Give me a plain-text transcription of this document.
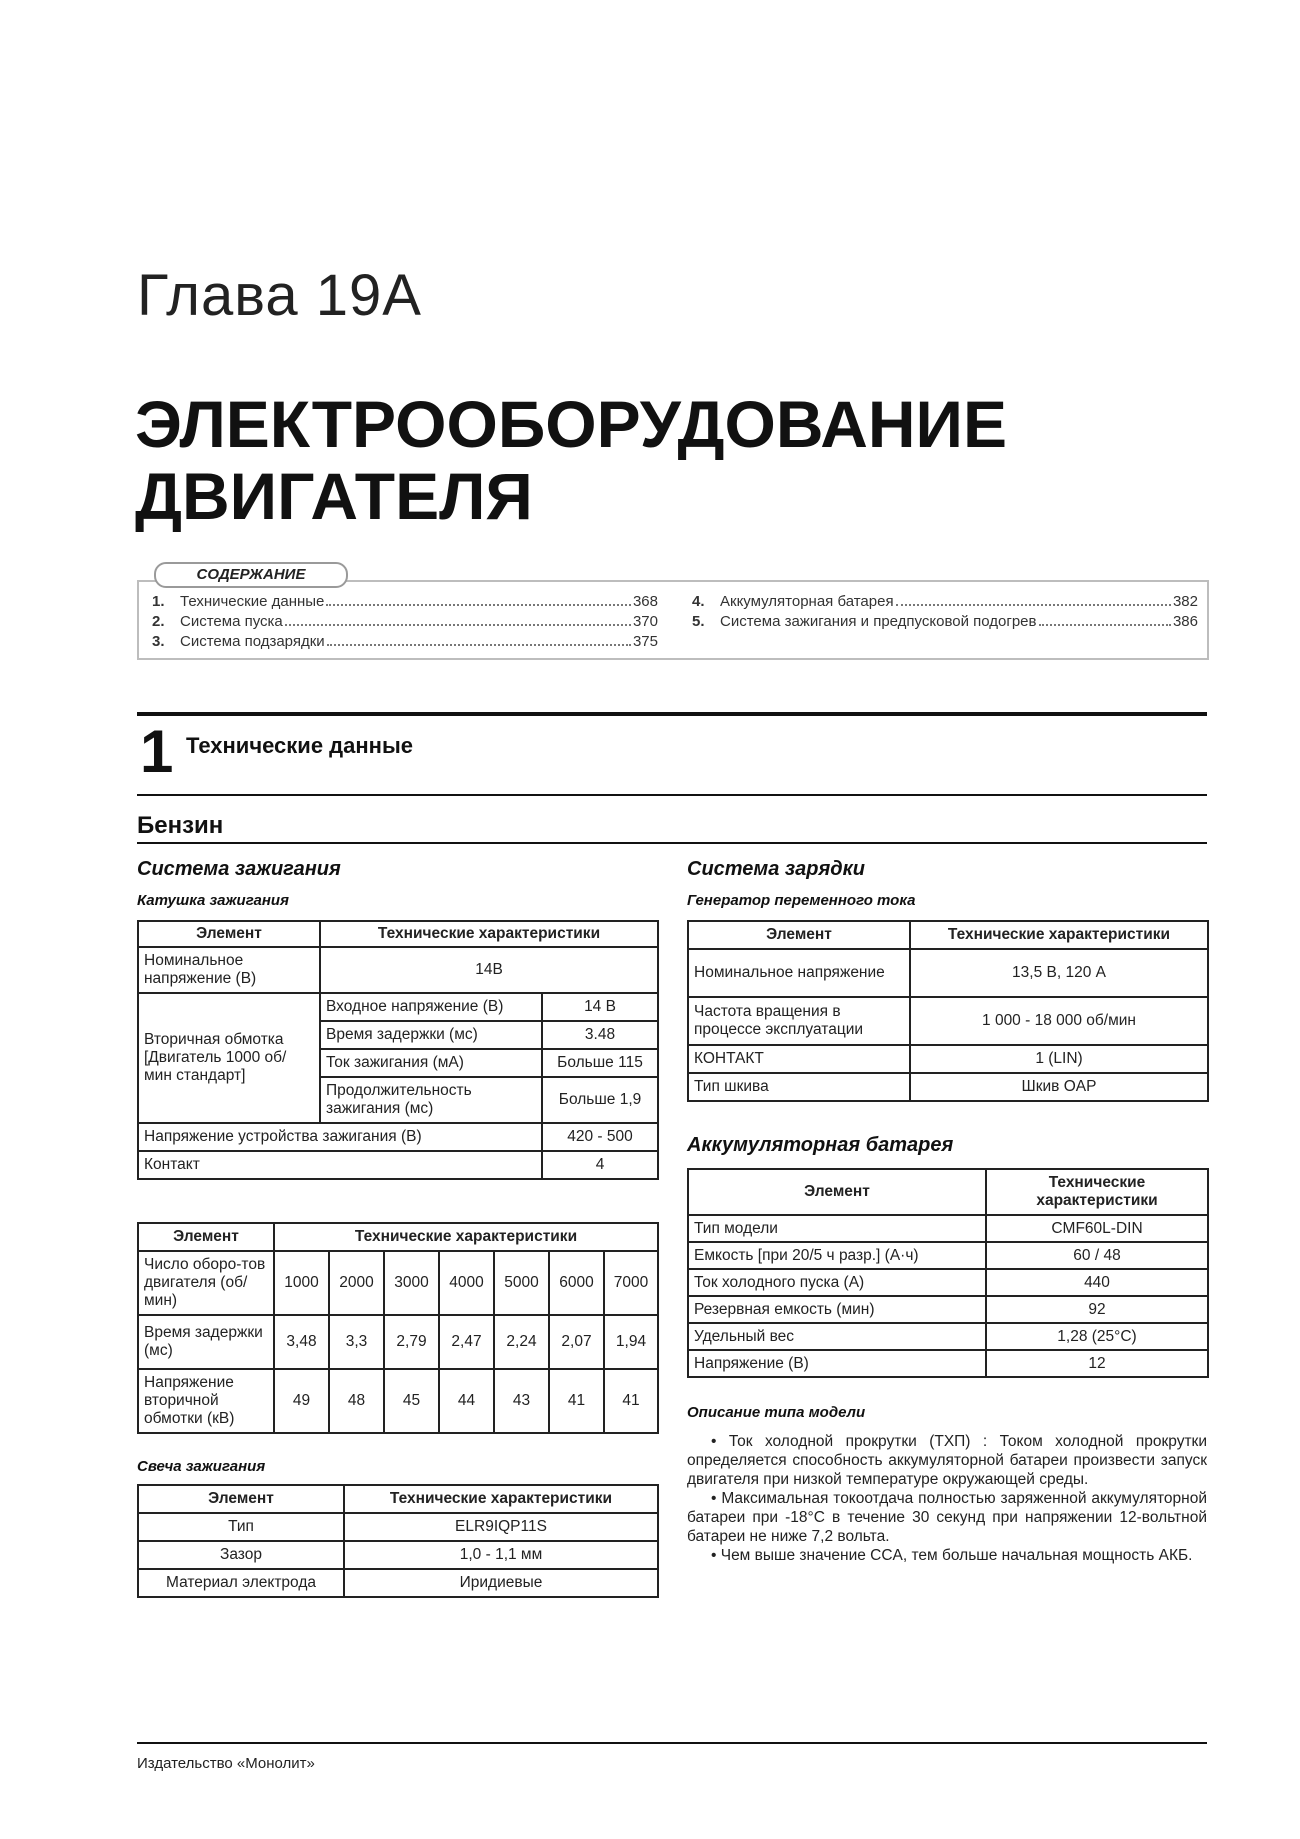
Глава 19A
ЭЛЕКТРООБОРУДОВАНИЕ
ДВИГАТЕЛЯ
СОДЕРЖАНИЕ
1.	Технические данные	368
2.	Система пуска	370
3.	Система подзарядки	375
4.	Аккумуляторная батарея	382
5.	Система зажигания и предпусковой подогрев	386
1 Технические данные
Бензин
Система зажигания
Катушка зажигания
Элемент	Технические характеристики	
Номинальное напряжение (В)	14В	
Вторичная обмотка [Двигатель 1000 об/мин стандарт]	Входное напряжение (В)	14 В
	Время задержки (мс)	3.48
	Ток зажигания (мА)	Больше 115
	Продолжительность зажигания (мс)	Больше 1,9
Напряжение устройства зажигания (В)		420 - 500
Контакт		4
Элемент	Технические характеристики						
Число оборо-тов двигателя (об/мин)	1000	2000	3000	4000	5000	6000	7000
Время задержки (мс)	3,48	3,3	2,79	2,47	2,24	2,07	1,94
Напряжение вторичной обмотки (кВ)	49	48	45	44	43	41	41
Свеча зажигания
Элемент	Технические характеристики
Тип	ELR9IQP11S
Зазор	1,0 - 1,1 мм
Материал электрода	Иридиевые
Система зарядки
Генератор переменного тока
Элемент	Технические характеристики
Номинальное напряжение	13,5 В, 120 А
Частота вращения в процессе эксплуатации	1 000 - 18 000 об/мин
КОНТАКТ	1 (LIN)
Тип шкива	Шкив OAP
Аккумуляторная батарея
Элемент	Технические характеристики
Тип модели	CMF60L-DIN
Емкость [при 20/5 ч разр.] (А·ч)	60 / 48
Ток холодного пуска (А)	440
Резервная емкость (мин)	92
Удельный вес	1,28 (25°C)
Напряжение (В)	12
Описание типа модели

• Ток холодной прокрутки (ТХП) : Током холодной прокрутки определяется способность аккумуляторной батареи произвести запуск двигателя при низкой температуре окружающей среды.

• Максимальная токоотдача полностью заряженной аккумуляторной батареи при -18°C в течение 30 секунд при напряжении 12-вольтной батареи не ниже 7,2 вольта.

• Чем выше значение CCA, тем больше начальная мощность АКБ.

Издательство «Монолит»
